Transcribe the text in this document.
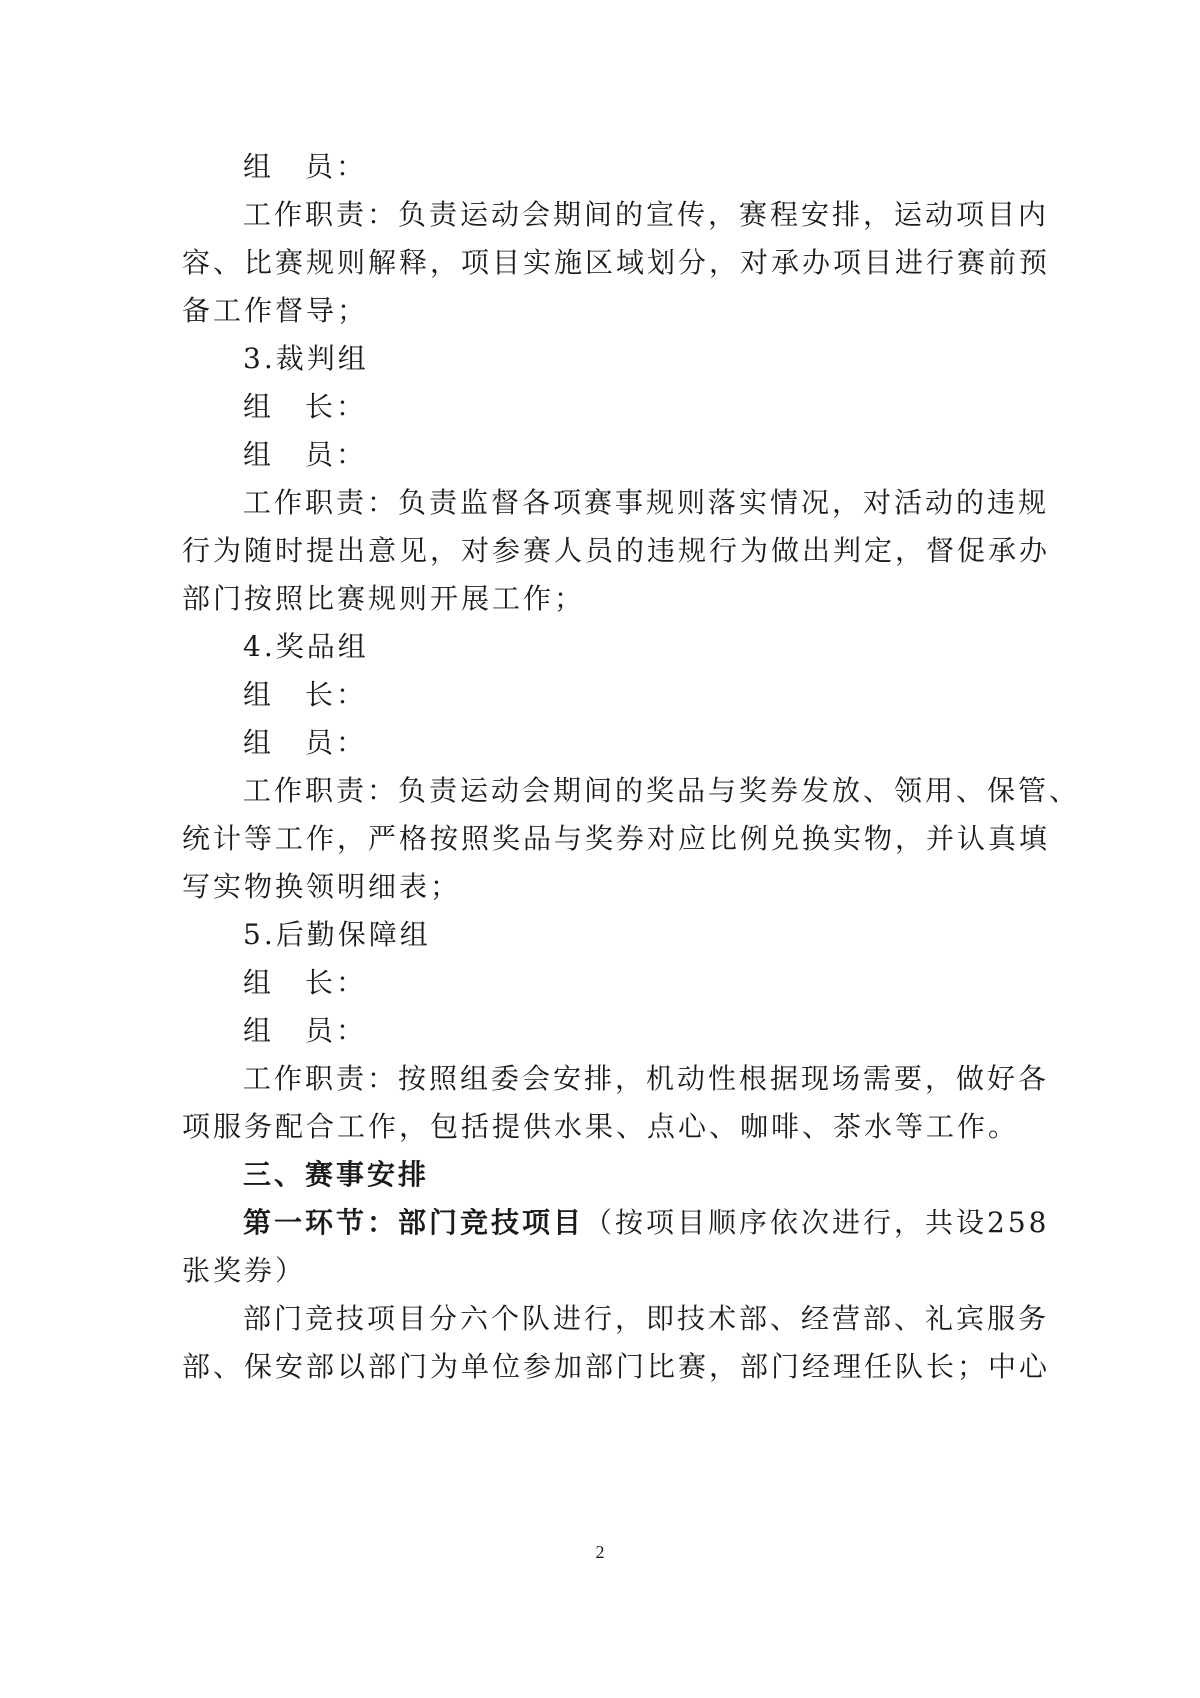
组　员：
工作职责：负责运动会期间的宣传，赛程安排，运动项目内
容、比赛规则解释，项目实施区域划分，对承办项目进行赛前预
备工作督导；
3.裁判组
组　长：
组　员：
工作职责：负责监督各项赛事规则落实情况，对活动的违规
行为随时提出意见，对参赛人员的违规行为做出判定，督促承办
部门按照比赛规则开展工作；
4.奖品组
组　长：
组　员：
工作职责：负责运动会期间的奖品与奖券发放、领用、保管、
统计等工作，严格按照奖品与奖券对应比例兑换实物，并认真填
写实物换领明细表；
5.后勤保障组
组　长：
组　员：
工作职责：按照组委会安排，机动性根据现场需要，做好各
项服务配合工作，包括提供水果、点心、咖啡、茶水等工作。
三、赛事安排
第一环节：部门竞技项目（按项目顺序依次进行，共设258
张奖券）
部门竞技项目分六个队进行，即技术部、经营部、礼宾服务
部、保安部以部门为单位参加部门比赛，部门经理任队长；中心
2
